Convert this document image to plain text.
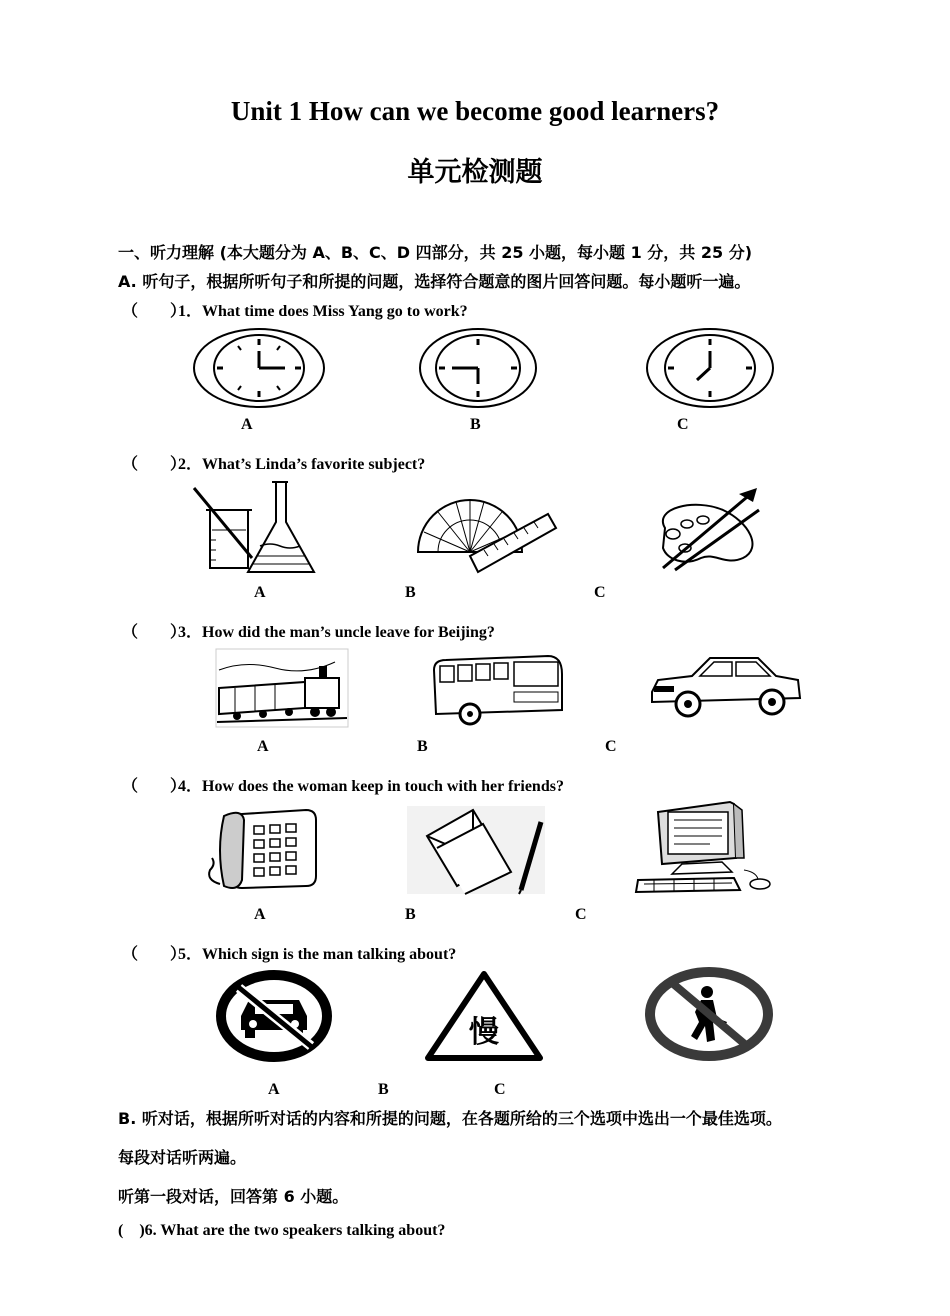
Unit 1 How can we become good learners?
单元检测题
一、听力理解 (本大题分为 A、B、C、D 四部分，共 25 小题，每小题 1 分，共 25 分)
A. 听句子，根据所听句子和所提的问题，选择符合题意的图片回答问题。每小题听一遍。
（　　）1．What time does Miss Yang go to work?
A	B	C
（　　）2．What’s Linda’s favorite subject?
A	B	C
（　　）3．How did the man’s uncle leave for Beijing?
A	B	C
（　　）4．How does the woman keep in touch with her friends?
A	B	C
（　　）5．Which sign is the man talking about?
慢
A	B	C
B. 听对话，根据所听对话的内容和所提的问题，在各题所给的三个选项中选出一个最佳选项。
每段对话听两遍。
听第一段对话，回答第 6 小题。
(　)6. What are the two speakers talking about?
